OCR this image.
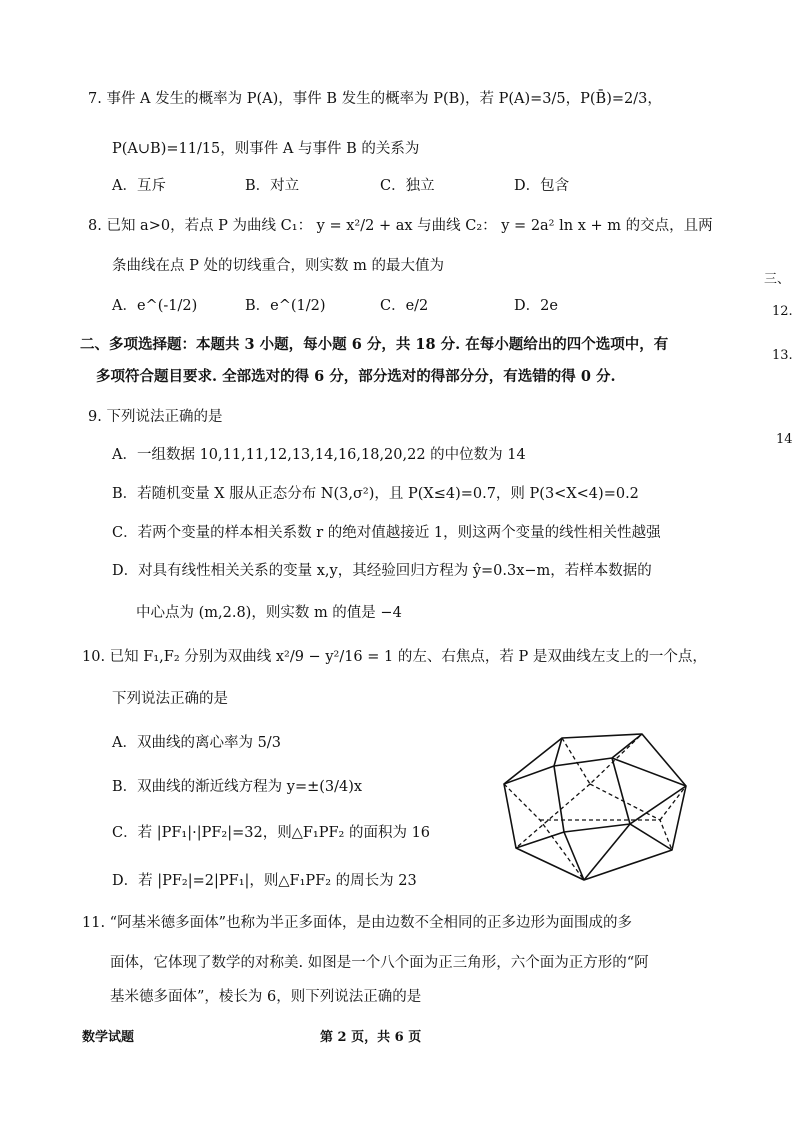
7. 事件 A 发生的概率为 P(A)，事件 B 发生的概率为 P(B)，若 P(A)=3/5，P(B̄)=2/3，
P(A∪B)=11/15，则事件 A 与事件 B 的关系为
A．互斥	B．对立	C．独立	D．包含
8. 已知 a>0，若点 P 为曲线 C₁： y = x²/2 + ax 与曲线 C₂： y = 2a² ln x + m 的交点，且两
条曲线在点 P 处的切线重合，则实数 m 的最大值为
A．e^(-1/2)	B．e^(1/2)	C．e/2	D．2e
二、多项选择题：本题共 3 小题，每小题 6 分，共 18 分. 在每小题给出的四个选项中，有
多项符合题目要求. 全部选对的得 6 分，部分选对的得部分分，有选错的得 0 分.
9. 下列说法正确的是
A．一组数据 10,11,11,12,13,14,16,18,20,22 的中位数为 14
B．若随机变量 X 服从正态分布 N(3,σ²)，且 P(X≤4)=0.7，则 P(3<X<4)=0.2
C．若两个变量的样本相关系数 r 的绝对值越接近 1，则这两个变量的线性相关性越强
D．对具有线性相关关系的变量 x,y，其经验回归方程为 ŷ=0.3x−m，若样本数据的
中心点为 (m,2.8)，则实数 m 的值是 −4
10. 已知 F₁,F₂ 分别为双曲线 x²/9 − y²/16 = 1 的左、右焦点，若 P 是双曲线左支上的一个点，
下列说法正确的是
A．双曲线的离心率为 5/3
B．双曲线的渐近线方程为 y=±(3/4)x
C．若 |PF₁|·|PF₂|=32，则△F₁PF₂ 的面积为 16
D．若 |PF₂|=2|PF₁|，则△F₁PF₂ 的周长为 23
11. “阿基米德多面体”也称为半正多面体，是由边数不全相同的正多边形为面围成的多
面体，它体现了数学的对称美. 如图是一个八个面为正三角形，六个面为正方形的“阿
基米德多面体”，棱长为 6，则下列说法正确的是
三、
12.
13.
14
数学试题	第 2 页，共 6 页
